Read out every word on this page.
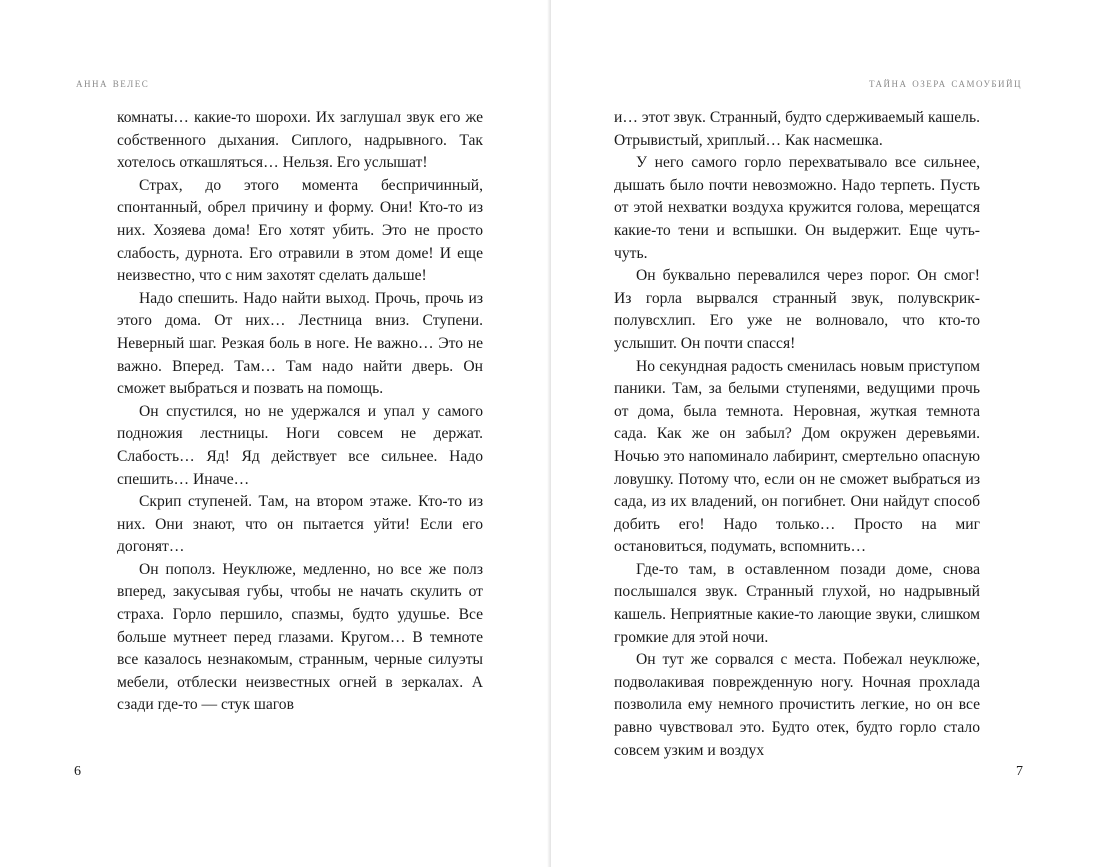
анна велес

комнаты… какие-то шорохи. Их заглушал звук его же собственного дыхания. Сиплого, надрывного. Так хотелось откашляться… Нельзя. Его услышат!

Страх, до этого момента беспричинный, спонтанный, обрел причину и форму. Они! Кто-то из них. Хозяева дома! Его хотят убить. Это не просто слабость, дурнота. Его отравили в этом доме! И еще неизвестно, что с ним захотят сделать дальше!

Надо спешить. Надо найти выход. Прочь, прочь из этого дома. От них… Лестница вниз. Ступени. Неверный шаг. Резкая боль в ноге. Не важно… Это не важно. Вперед. Там… Там надо найти дверь. Он сможет выбраться и позвать на помощь.

Он спустился, но не удержался и упал у самого подножия лестницы. Ноги совсем не держат. Слабость… Яд! Яд действует все сильнее. Надо спешить… Иначе…

Скрип ступеней. Там, на втором этаже. Кто-то из них. Они знают, что он пытается уйти! Если его догонят…

Он пополз. Неуклюже, медленно, но все же полз вперед, закусывая губы, чтобы не начать скулить от страха. Горло першило, спазмы, будто удушье. Все больше мутнеет перед глазами. Кругом… В темноте все казалось незнакомым, странным, черные силуэты мебели, отблески неизвестных огней в зеркалах. А сзади где-то — стук шагов

6
тайна озера самоубийц

и… этот звук. Странный, будто сдерживаемый кашель. Отрывистый, хриплый… Как насмешка.

У него самого горло перехватывало все сильнее, дышать было почти невозможно. Надо терпеть. Пусть от этой нехватки воздуха кружится голова, мерещатся какие-то тени и вспышки. Он выдержит. Еще чуть-чуть.

Он буквально перевалился через порог. Он смог! Из горла вырвался странный звук, полувскрик-полувсхлип. Его уже не волновало, что кто-то услышит. Он почти спасся!

Но секундная радость сменилась новым приступом паники. Там, за белыми ступенями, ведущими прочь от дома, была темнота. Неровная, жуткая темнота сада. Как же он забыл? Дом окружен деревьями. Ночью это напоминало лабиринт, смертельно опасную ловушку. Потому что, если он не сможет выбраться из сада, из их владений, он погибнет. Они найдут способ добить его! Надо только… Просто на миг остановиться, подумать, вспомнить…

Где-то там, в оставленном позади доме, снова послышался звук. Странный глухой, но надрывный кашель. Неприятные какие-то лающие звуки, слишком громкие для этой ночи.

Он тут же сорвался с места. Побежал неуклюже, подволакивая поврежденную ногу. Ночная прохлада позволила ему немного прочистить легкие, но он все равно чувствовал это. Будто отек, будто горло стало совсем узким и воздух

7
